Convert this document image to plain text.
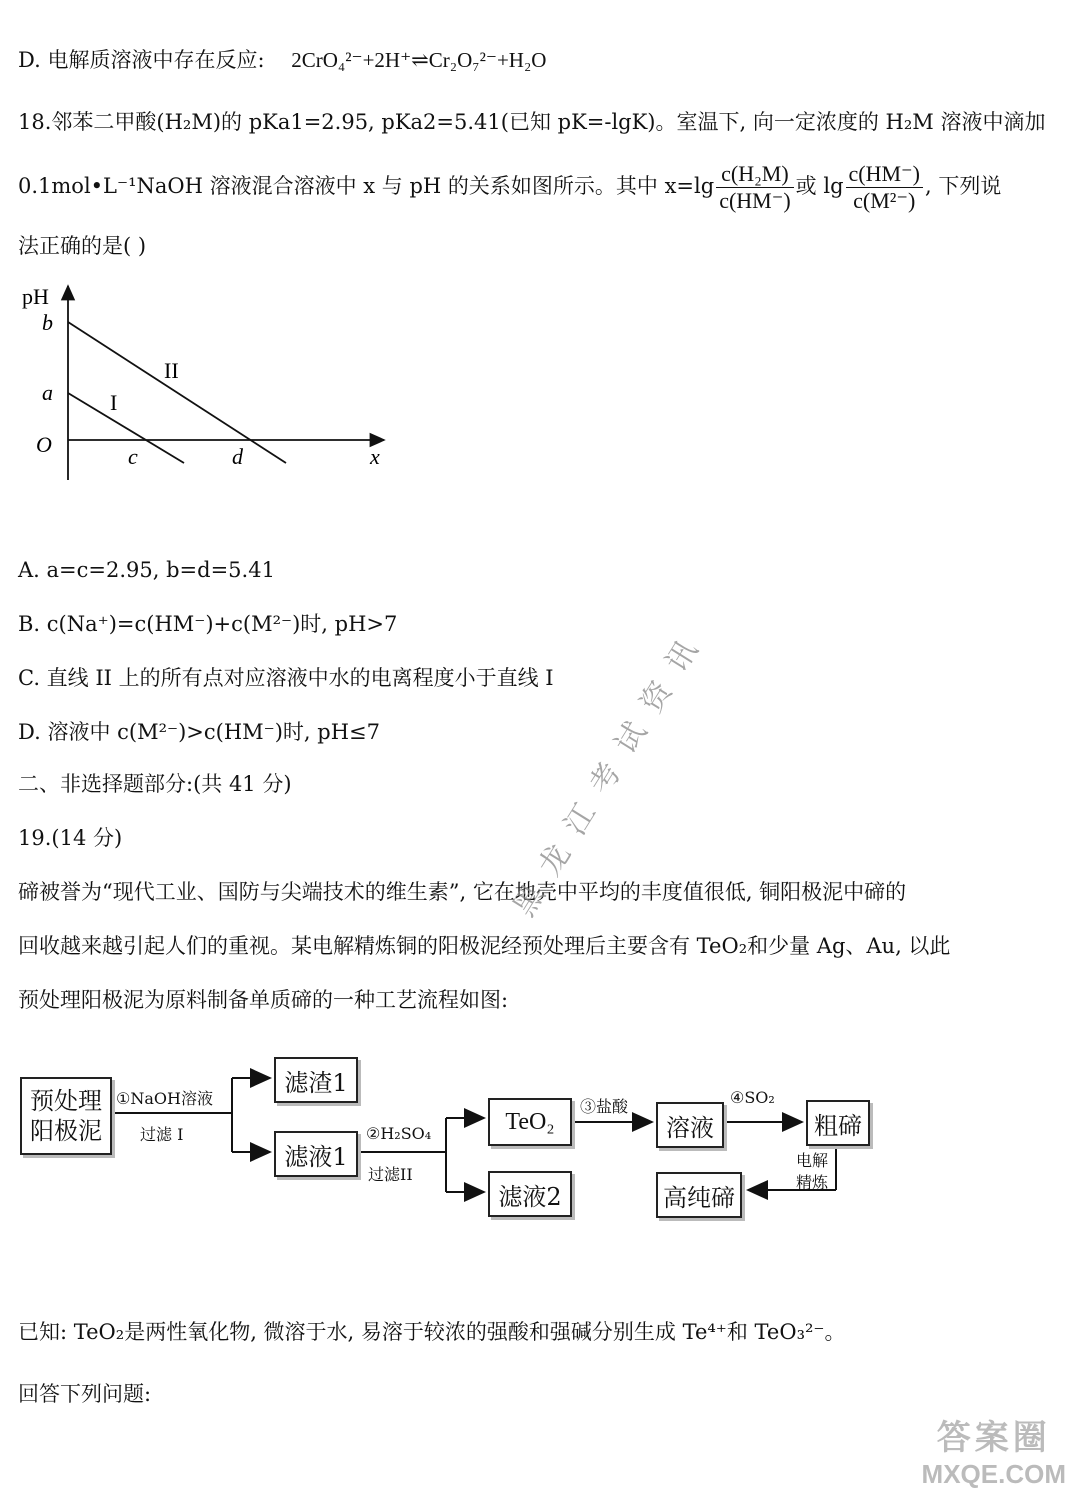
D. 电解质溶液中存在反应: 2CrO₄²⁻+2H⁺⇌Cr₂O₇²⁻+H₂O
18.邻苯二甲酸(H₂M)的 pKa1=2.95, pKa2=5.41(已知 pK=-lgK)。室温下, 向一定浓度的 H₂M 溶液中滴加
0.1mol•L⁻¹NaOH 溶液混合溶液中 x 与 pH 的关系如图所示。其中 $x=\lg \frac{\text{c(H₂M)}}{c(HM^-)}$ 或 $\lg \frac{c(HM^-)}{\text{c(M²⁻)}}$ , 下列说
法正确的是( )
pH
b
a
O	c	d	x
I
II
A. a=c=2.95, b=d=5.41
B. c(Na⁺)=c(HM⁻)+c(M²⁻)时, pH>7
C. 直线 II 上的所有点对应溶液中水的电离程度小于直线 I
D. 溶液中 c(M²⁻)>c(HM⁻)时, pH≤7
二、非选择题部分:(共 41 分)
19.(14 分)
碲被誉为“现代工业、国防与尖端技术的维生素”, 它在地壳中平均的丰度值很低, 铜阳极泥中碲的
回收越来越引起人们的重视。某电解精炼铜的阳极泥经预处理后主要含有 TeO₂和少量 Ag、Au, 以此
预处理阳极泥为原料制备单质碲的一种工艺流程如图:
预处理
阳极泥
①NaOH溶液
过滤 I
滤渣1
滤液1
②H₂SO₄
过滤II
TeO₂
滤液2
③盐酸
溶液
④SO₂
粗碲
电解
精炼
高纯碲
已知: TeO₂是两性氧化物, 微溶于水, 易溶于较浓的强酸和强碱分别生成 Te⁴⁺和 TeO₃²⁻。
回答下列问题:
黑龙江考试资讯
答案圈
MXQE.COM
